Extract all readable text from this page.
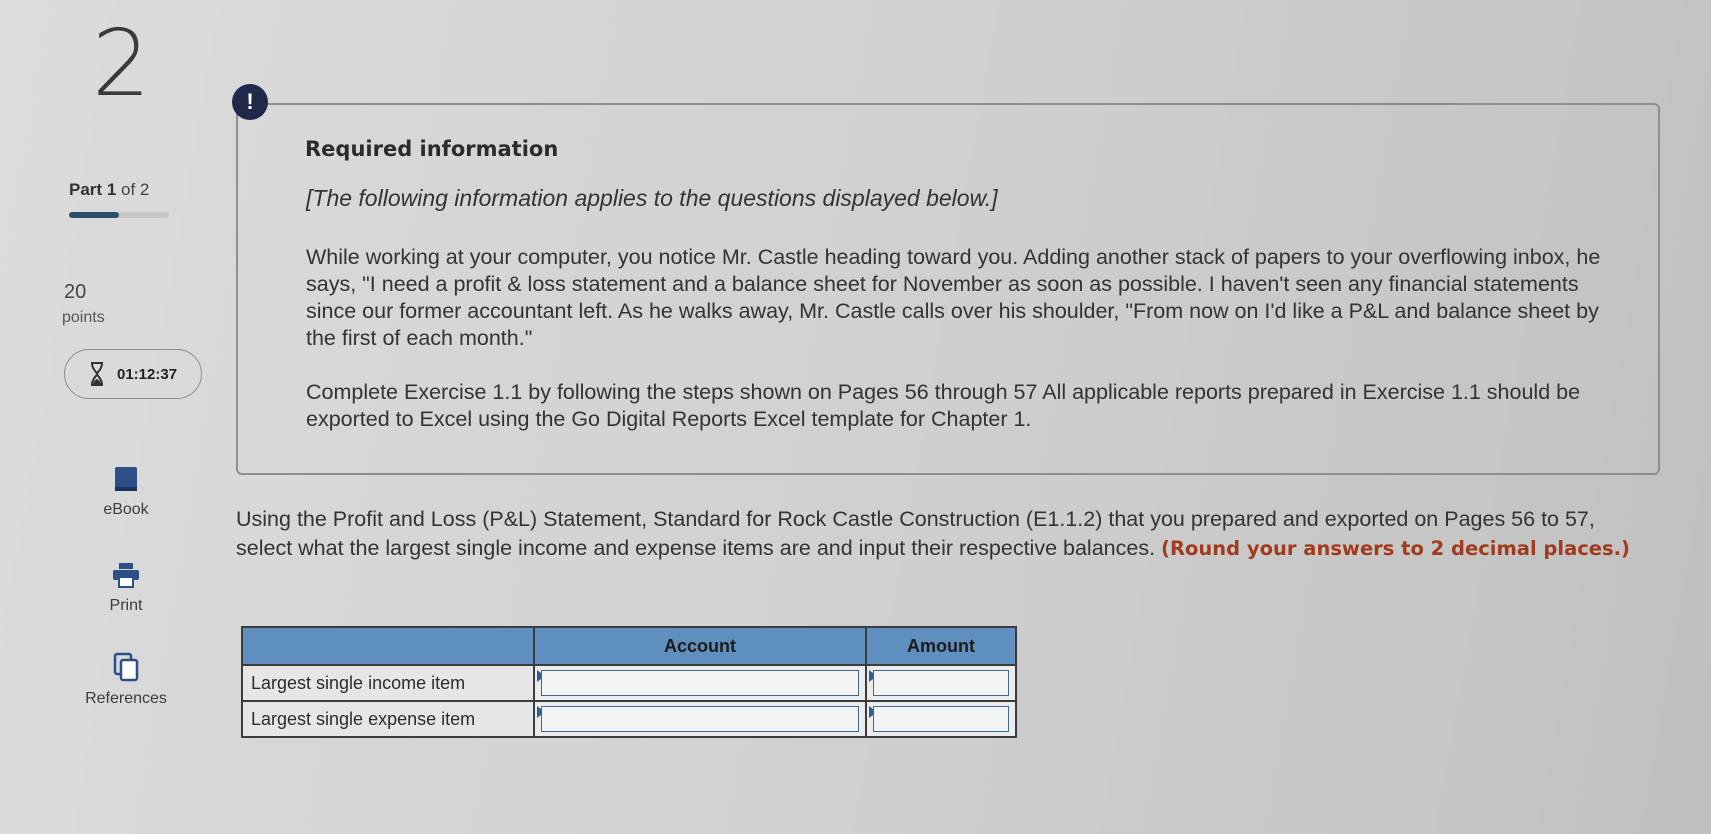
2
Part 1 of 2
20
points
01:12:37
eBook
Print
References
!
Required information
[The following information applies to the questions displayed below.]
While working at your computer, you notice Mr. Castle heading toward you. Adding another stack of papers to your overflowing inbox, he says, "I need a profit & loss statement and a balance sheet for November as soon as possible. I haven't seen any financial statements since our former accountant left. As he walks away, Mr. Castle calls over his shoulder, "From now on I'd like a P&L and balance sheet by the first of each month."
Complete Exercise 1.1 by following the steps shown on Pages 56 through 57 All applicable reports prepared in Exercise 1.1 should be exported to Excel using the Go Digital Reports Excel template for Chapter 1.
Using the Profit and Loss (P&L) Statement, Standard for Rock Castle Construction (E1.1.2) that you prepared and exported on Pages 56 to 57, select what the largest single income and expense items are and input their respective balances. (Round your answers to 2 decimal places.)
	Account	Amount
Largest single income item	

Largest single expense item	
